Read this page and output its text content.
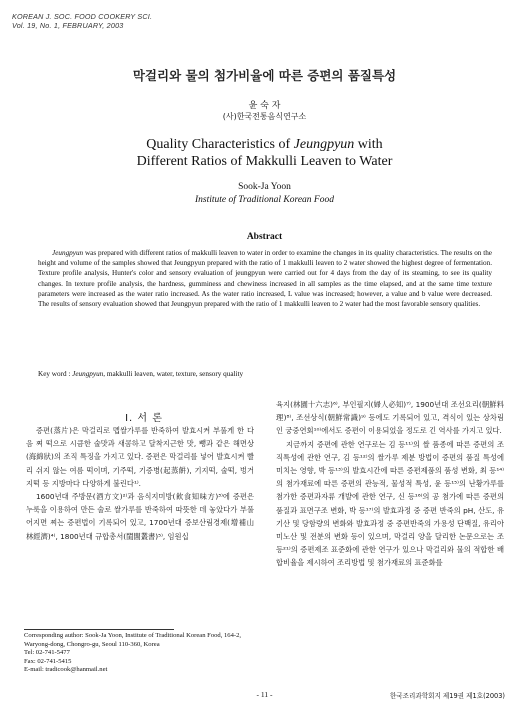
KOREAN J. SOC. FOOD COOKERY SCI.
Vol. 19, No. 1, FEBRUARY, 2003
막걸리와 물의 첨가비율에 따른 증편의 품질특성
윤 숙 자
(사)한국전통음식연구소
Quality Characteristics of Jeungpyun with
Different Ratios of Makkulli Leaven to Water
Sook-Ja Yoon
Institute of Traditional Korean Food
Abstract

Jeungpyun was prepared with different ratios of makkulli leaven to water in order to examine the changes in its quality characteristics. The results on the height and volume of the samples showed that Jeungpyun prepared with the ratio of 1 makkulli leaven to 2 water showed the highest degree of fermentation. Texture profile analysis, Hunter's color and sensory evaluation of jeungpyun were carried out for 4 days from the day of its steaming, to see its quality changes. In texture profile analysis, the hardness, gumminess and chewiness increased in all samples as the time elapsed, and at the same time texture parameters were increased as the water ratio increased. As the water ratio increased, L value was increased; however, a value and b value were decreased. The results of sensory evaluation showed that Jeungpyun prepared with the ratio of 1 makkulli leaven to 2 water had the most favorable sensory qualities.

Key word : Jeungpyun, makkulli leaven, water, texture, sensory quality
I. 서 론

증편(蒸片)은 막걸리로 멥쌀가루를 반죽하여 발효시켜 부풀게 한 다음 쪄 떡으로 시큼한 술맛과 새콤하고 달착지근한 맛, 뺑과 같은 해면상(海綿狀)의 조직 특징을 가지고 있다. 증편은 막걸리를 넣어 발효시켜 빨리 쉬지 않는 여름 떡이며, 기주떡, 기증병(起蒸餠), 기지떡, 술떡, 벙거지떡 등 지방마다 다양하게 불린다¹⁾.

1600년대 주방문(酒方文)²⁾과 음식지미방(飮食知味方)³⁾에 증편은 누룩을 이용하여 만든 술로 쌀가루를 반죽하여 따뜻한 데 놓았다가 부풀어지면 찌는 증편법이 기록되어 있고, 1700년대 증보산림경제(增補山林經濟)⁴⁾, 1800년대 규합총서(閨閤叢書)⁵⁾, 임원십

육지(林園十六志)⁶⁾, 부인필지(婦人必知)⁷⁾, 1900년대 조선요리(朝鮮料理)⁸⁾, 조선상식(朝鮮常識)⁹⁾ 등에도 기록되어 있고, 격식이 있는 상차림인 궁중연회¹⁰⁾에서도 증편이 이용되었을 정도로 긴 역사를 가지고 있다.

지금까지 증편에 관한 연구로는 김 등¹¹⁾의 쌀 품종에 따른 증편의 조직특성에 관한 연구, 김 등¹²⁾의 쌀가루 제분 방법이 증편의 품질 특성에 미치는 영향, 박 등¹³⁾의 발효시간에 따른 증편제품의 품성 변화, 최 등¹⁴⁾의 첨가재료에 따른 증편의 관능적, 물성적 특성, 윤 등¹⁵⁾의 난황가루를 첨가한 증편과자류 개발에 관한 연구, 신 등¹⁶⁾의 공 첨가에 따른 증편의 품질과 표면구조 변화, 박 등¹⁷⁾의 발효과정 중 증편 반죽의 pH, 산도, 유기산 및 당함량의 변화와 발효과정 중 증편반죽의 가용성 단백질, 유리아미노산 및 전분의 변화 등이 있으며, 막걸리 양을 달리한 논문으로는 조 등²¹⁾의 증편제조 표준화에 관한 연구가 있으나 막걸리와 물의 적합한 배합비율을 제시하여 조리방법 및 첨가재료의 표준화를

Corresponding author: Sook-Ja Yoon, Institute of Traditional Korean Food, 164-2, Waryong-dong, Chongro-gu, Seoul 110-360, Korea
Tel: 02-741-5477
Fax: 02-741-5415
E-mail: tradicook@hanmail.net
- 11 -	한국조리과학회지 제19권 제1호(2003)
